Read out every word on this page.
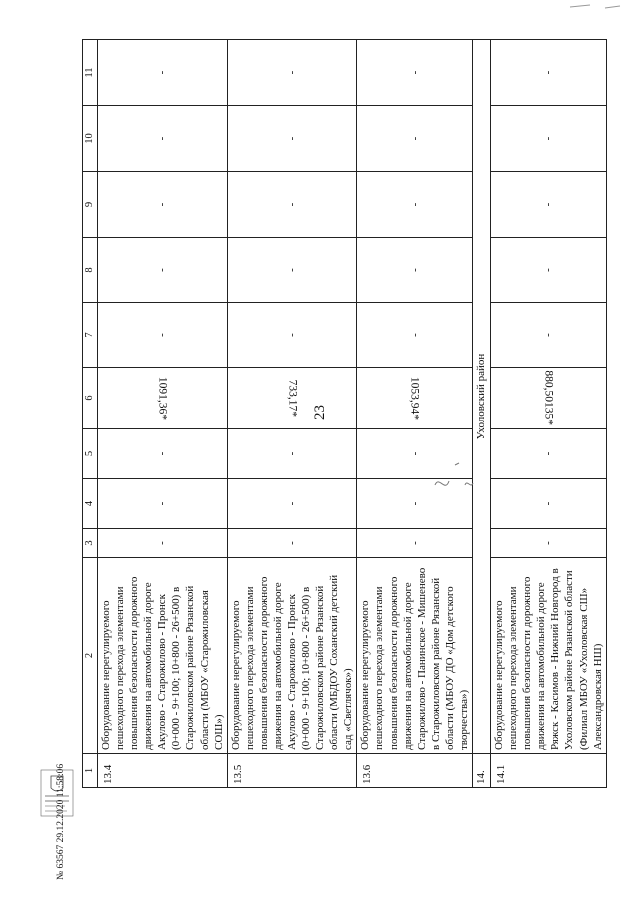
23
1	2	3	4	5	6	7	8	9	10	11
13.4	Оборудование нерегулируемого пешеходного перехода элементами повышения безопасности дорожного движения на автомобильной дороге Акулово - Старожилово - Пронск (0+000 - 9+100; 10+800 - 26+500) в Старожиловском районе Рязанской области (МБОУ «Старожиловская СОШ»)	-	-	-	1091,36*	-	-	-	-	-
13.5	Оборудование нерегулируемого пешеходного перехода элементами повышения безопасности дорожного движения на автомобильной дороге Акулово - Старожилово - Пронск (0+000 - 9+100; 10+800 - 26+500) в Старожиловском районе Рязанской области (МБДОУ Соханский детский сад «Светлячок»)	-	-	-	733,17*	-	-	-	-	-
13.6	Оборудование нерегулируемого пешеходного перехода элементами повышения безопасности дорожного движения на автомобильной дороге Старожилово - Панинское - Мишенево в Старожиловском районе Рязанской области (МБОУ ДО «Дом детского творчества»)	-	-	-	1053,94*	-	-	-	-	-
14.	Ухоловский район									
14.1	Оборудование нерегулируемого пешеходного перехода элементами повышения безопасности дорожного движения на автомобильной дороге Ряжск - Касимов - Нижний Новгород в Ухоловском районе Рязанской области (Филиал МБОУ «Ухоловская СШ» Александровская НШ)	-	-	-	880,50135*	-	-	-	-	-
№ 63567 29.12.2020 11:58:06
